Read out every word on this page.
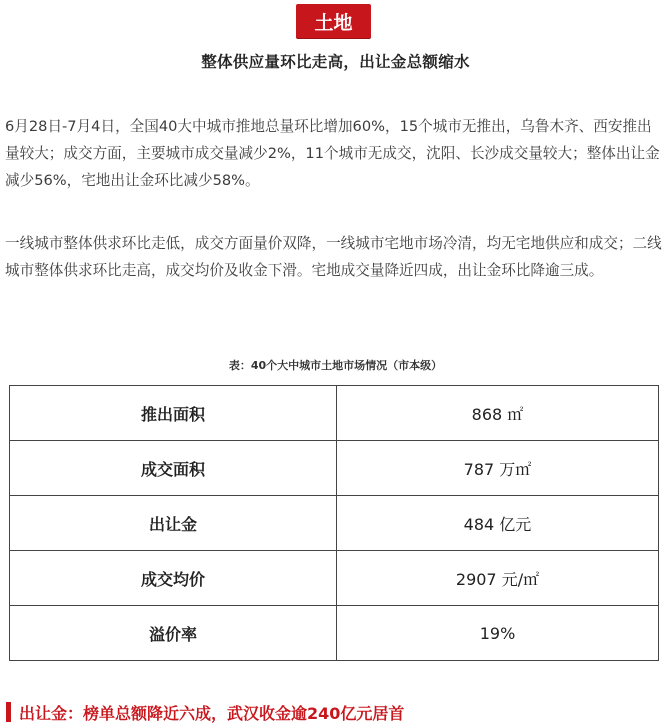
土地
整体供应量环比走高，出让金总额缩水

6月28日-7月4日，全国40大中城市推地总量环比增加60%，15个城市无推出，乌鲁木齐、西安推出量较大；成交方面，主要城市成交量减少2%，11个城市无成交，沈阳、长沙成交量较大；整体出让金减少56%，宅地出让金环比减少58%。

一线城市整体供求环比走低，成交方面量价双降，一线城市宅地市场冷清，均无宅地供应和成交；二线城市整体供求环比走高，成交均价及收金下滑。宅地成交量降近四成，出让金环比降逾三成。

表：40个大中城市土地市场情况（市本级）
推出面积	868 ㎡
成交面积	787 万㎡
出让金	484 亿元
成交均价	2907 元/㎡
溢价率	19%
出让金：榜单总额降近六成，武汉收金逾240亿元居首
